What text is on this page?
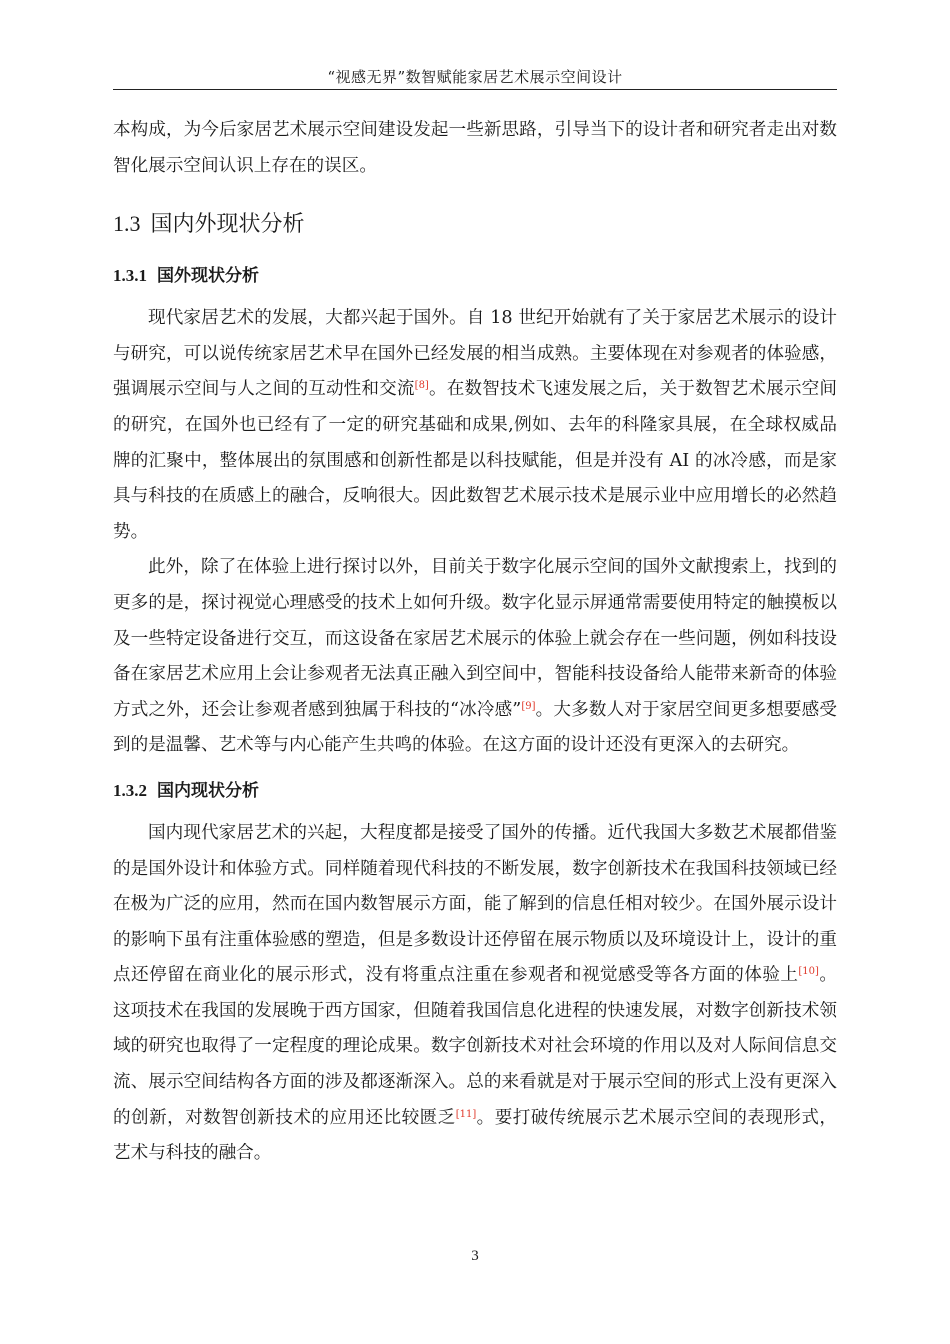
“视感无界”数智赋能家居艺术展示空间设计

本构成，为今后家居艺术展示空间建设发起一些新思路，引导当下的设计者和研究者走出对数智化展示空间认识上存在的误区。

1.3 国内外现状分析
1.3.1 国外现状分析

现代家居艺术的发展，大都兴起于国外。自 18 世纪开始就有了关于家居艺术展示的设计与研究，可以说传统家居艺术早在国外已经发展的相当成熟。主要体现在对参观者的体验感，强调展示空间与人之间的互动性和交流[8]。在数智技术飞速发展之后，关于数智艺术展示空间的研究，在国外也已经有了一定的研究基础和成果,例如、去年的科隆家具展，在全球权威品牌的汇聚中，整体展出的氛围感和创新性都是以科技赋能，但是并没有 AI 的冰冷感，而是家具与科技的在质感上的融合，反响很大。因此数智艺术展示技术是展示业中应用增长的必然趋势。

此外，除了在体验上进行探讨以外，目前关于数字化展示空间的国外文献搜索上，找到的更多的是，探讨视觉心理感受的技术上如何升级。数字化显示屏通常需要使用特定的触摸板以及一些特定设备进行交互，而这设备在家居艺术展示的体验上就会存在一些问题，例如科技设备在家居艺术应用上会让参观者无法真正融入到空间中，智能科技设备给人能带来新奇的体验方式之外，还会让参观者感到独属于科技的“冰冷感”[9]。大多数人对于家居空间更多想要感受到的是温馨、艺术等与内心能产生共鸣的体验。在这方面的设计还没有更深入的去研究。

1.3.2 国内现状分析

国内现代家居艺术的兴起，大程度都是接受了国外的传播。近代我国大多数艺术展都借鉴的是国外设计和体验方式。同样随着现代科技的不断发展，数字创新技术在我国科技领域已经在极为广泛的应用，然而在国内数智展示方面，能了解到的信息任相对较少。在国外展示设计的影响下虽有注重体验感的塑造，但是多数设计还停留在展示物质以及环境设计上，设计的重点还停留在商业化的展示形式，没有将重点注重在参观者和视觉感受等各方面的体验上[10]。这项技术在我国的发展晚于西方国家，但随着我国信息化进程的快速发展，对数字创新技术领域的研究也取得了一定程度的理论成果。数字创新技术对社会环境的作用以及对人际间信息交流、展示空间结构各方面的涉及都逐渐深入。总的来看就是对于展示空间的形式上没有更深入的创新，对数智创新技术的应用还比较匮乏[11]。要打破传统展示艺术展示空间的表现形式，艺术与科技的融合。

3
